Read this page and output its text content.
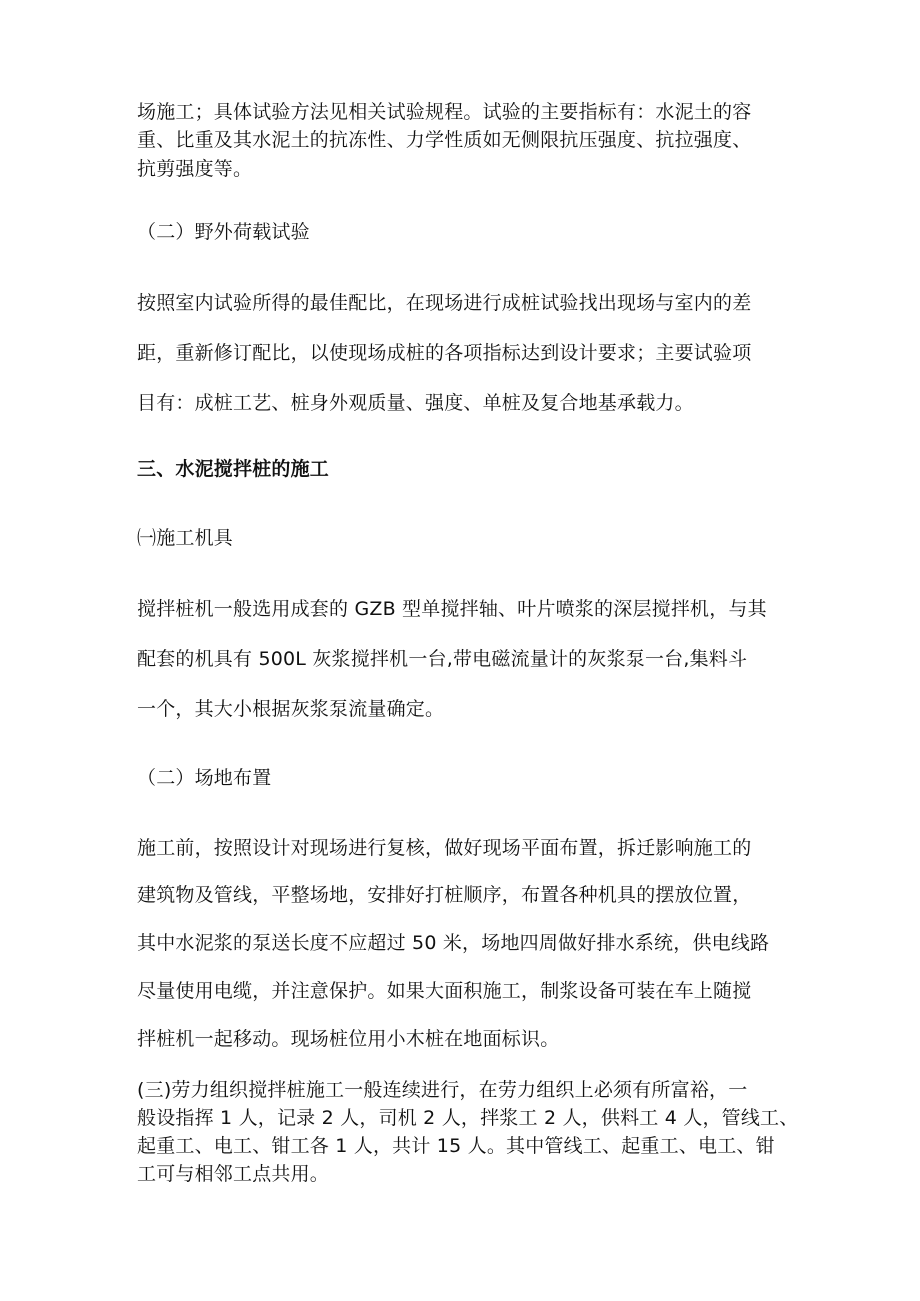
场施工；具体试验方法见相关试验规程。试验的主要指标有：水泥土的容
重、比重及其水泥土的抗冻性、力学性质如无侧限抗压强度、抗拉强度、
抗剪强度等。
（二）野外荷载试验
按照室内试验所得的最佳配比，在现场进行成桩试验找出现场与室内的差
距，重新修订配比，以使现场成桩的各项指标达到设计要求；主要试验项
目有：成桩工艺、桩身外观质量、强度、单桩及复合地基承载力。
三、水泥搅拌桩的施工
㈠施工机具
搅拌桩机一般选用成套的 GZB 型单搅拌轴、叶片喷浆的深层搅拌机，与其
配套的机具有 500L 灰浆搅拌机一台,带电磁流量计的灰浆泵一台,集料斗
一个，其大小根据灰浆泵流量确定。
（二）场地布置
施工前，按照设计对现场进行复核，做好现场平面布置，拆迁影响施工的
建筑物及管线，平整场地，安排好打桩顺序，布置各种机具的摆放位置，
其中水泥浆的泵送长度不应超过 50 米，场地四周做好排水系统，供电线路
尽量使用电缆，并注意保护。如果大面积施工，制浆设备可装在车上随搅
拌桩机一起移动。现场桩位用小木桩在地面标识。
(三)劳力组织搅拌桩施工一般连续进行，在劳力组织上必须有所富裕，一
般设指挥 1 人，记录 2 人，司机 2 人，拌浆工 2 人，供料工 4 人，管线工、
起重工、电工、钳工各 1 人，共计 15 人。其中管线工、起重工、电工、钳
工可与相邻工点共用。
